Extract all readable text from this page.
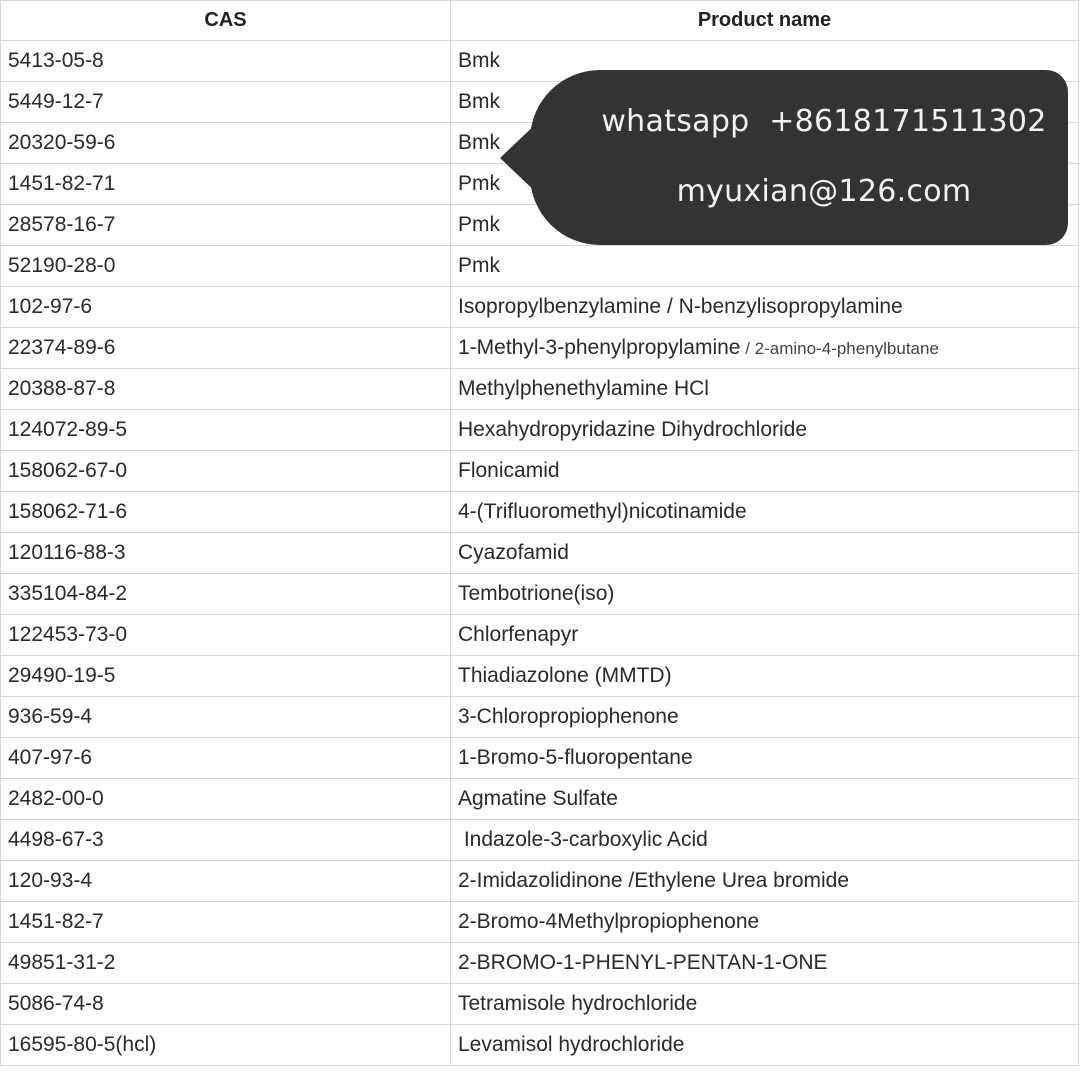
CAS	Product name
5413-05-8	Bmk
5449-12-7	Bmk
20320-59-6	Bmk
1451-82-71	Pmk
28578-16-7	Pmk
52190-28-0	Pmk
102-97-6	Isopropylbenzylamine / N-benzylisopropylamine
22374-89-6	1-Methyl-3-phenylpropylamine / 2-amino-4-phenylbutane
20388-87-8	Methylphenethylamine HCl
124072-89-5	Hexahydropyridazine Dihydrochloride
158062-67-0	Flonicamid
158062-71-6	4-(Trifluoromethyl)nicotinamide
120116-88-3	Cyazofamid
335104-84-2	Tembotrione(iso)
122453-73-0	Chlorfenapyr
29490-19-5	Thiadiazolone (MMTD)
936-59-4	3-Chloropropiophenone
407-97-6	1-Bromo-5-fluoropentane
2482-00-0	Agmatine Sulfate
4498-67-3	Indazole-3-carboxylic Acid
120-93-4	2-Imidazolidinone /Ethylene Urea bromide
1451-82-7	2-Bromo-4Methylpropiophenone
49851-31-2	2-BROMO-1-PHENYL-PENTAN-1-ONE
5086-74-8	Tetramisole hydrochloride
16595-80-5(hcl)	Levamisol hydrochloride
whatsapp  +8618171511302
myuxian@126.com
